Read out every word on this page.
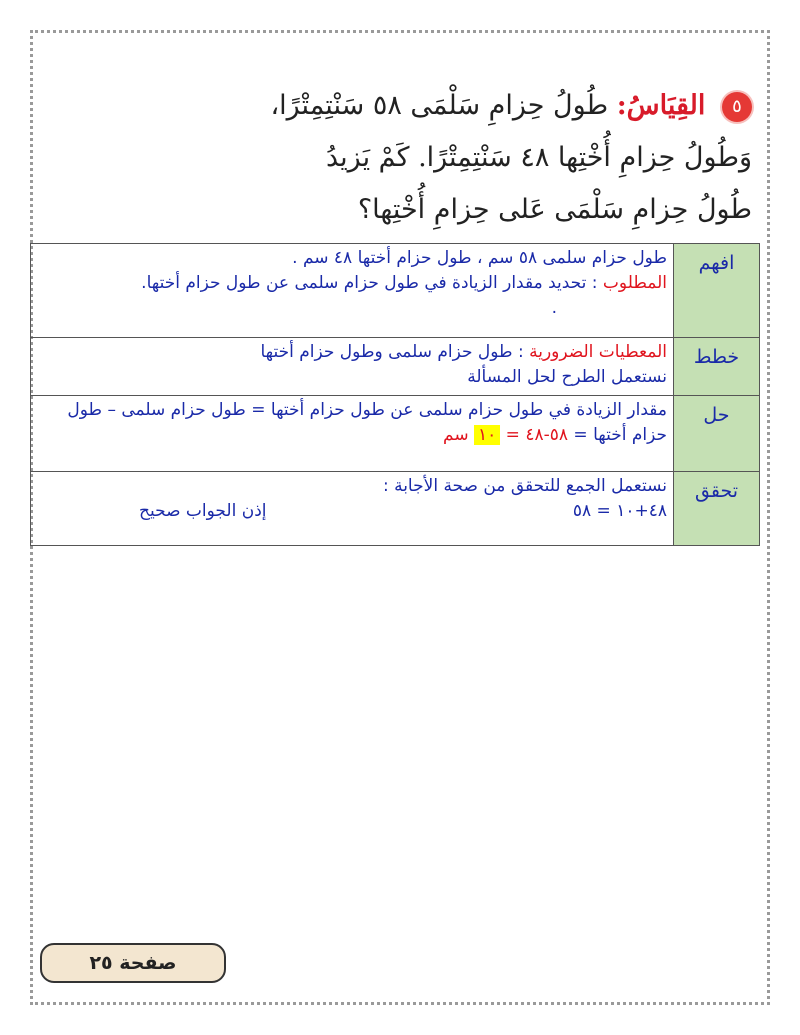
٥ القِيَاسُ: طُولُ حِزامِ سَلْمَى ٥٨ سَنْتِمِتْرًا،
وَطُولُ حِزامِ أُخْتِها ٤٨ سَنْتِمِتْرًا. كَمْ يَزيدُ
طُولُ حِزامِ سَلْمَى عَلى حِزامِ أُخْتِها؟
افهم	طول حزام سلمى ٥٨ سم ، طول حزام أختها ٤٨ سم .
المطلوب : تحديد مقدار الزيادة في طول حزام سلمى عن طول حزام أختها.
.

خطط	المعطيات الضرورية : طول حزام سلمى وطول حزام أختها
نستعمل الطرح لحل المسألة

حل	مقدار الزيادة في طول حزام سلمى عن طول حزام أختها = طول حزام سلمى – طول حزام أختها = ٥٨-٤٨ = ١٠ سم
تحقق	نستعمل الجمع للتحقق من صحة الأجابة :
٤٨+١٠ = ٥٨
إذن الجواب صحيح
صفحة ٢٥
